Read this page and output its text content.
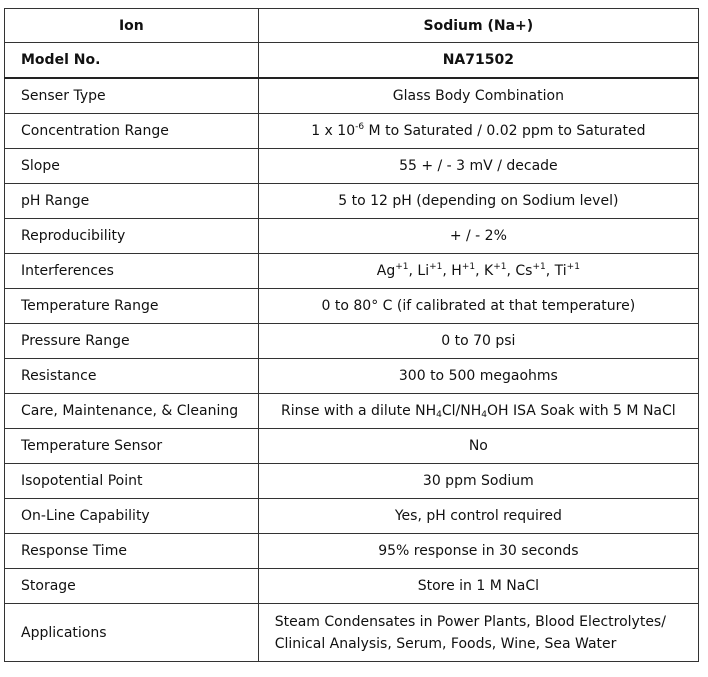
Ion	Sodium (Na+)
Model No.	NA71502
Senser Type	Glass Body Combination
Concentration Range	1 x $10^{-6}$ M to Saturated / 0.02 ppm to Saturated
Slope	55 + / - 3 mV / decade
pH Range	5 to 12 pH (depending on Sodium level)
Reproducibility	+ / - 2%
Interferences	$Ag^{+1}$, $Li^{+1}$, $H^{+1}$, $K^{+1}$, $Cs^{+1}$, $Ti^{+1}$
Temperature Range	0 to 80° C (if calibrated at that temperature)
Pressure Range	0 to 70 psi
Resistance	300 to 500 megaohms
Care, Maintenance, & Cleaning	Rinse with a dilute $NH_4Cl/NH_4OH$ ISA Soak with 5 M NaCl
Temperature Sensor	No
Isopotential Point	30 ppm Sodium
On-Line Capability	Yes, pH control required
Response Time	95% response in 30 seconds
Storage	Store in 1 M NaCl
Applications	Steam Condensates in Power Plants, Blood Electrolytes/
Clinical Analysis, Serum, Foods, Wine, Sea Water
